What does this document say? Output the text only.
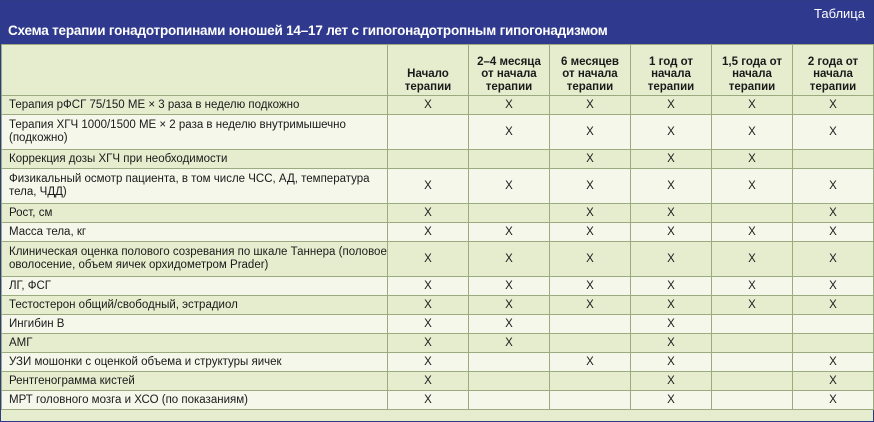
Таблица
Схема терапии гонадотропинами юношей 14–17 лет с гипогонадотропным гипогонадизмом
	Начало терапии	2–4 месяца от начала терапии	6 месяцев от начала терапии	1 год от начала терапии	1,5 года от начала терапии	2 года от начала терапии
Терапия рФСГ 75/150 МЕ × 3 раза в неделю подкожно	X	X	X	X	X	X
Терапия ХГЧ 1000/1500 МЕ × 2 раза в неделю внутримышечно (подкожно)		X	X	X	X	X
Коррекция дозы ХГЧ при необходимости			X	X	X	
Физикальный осмотр пациента, в том числе ЧСС, АД, температура тела, ЧДД)	X	X	X	X	X	X
Рост, см	X		X	X		X
Масса тела, кг	X	X	X	X	X	X
Клиническая оценка полового созревания по шкале Таннера (половое оволосение, объем яичек орхидометром Prader)	X	X	X	X	X	X
ЛГ, ФСГ	X	X	X	X	X	X
Тестостерон общий/свободный, эстрадиол	X	X	X	X	X	X
Ингибин В	X	X		X		
АМГ	X	X		X		
УЗИ мошонки с оценкой объема и структуры яичек	X		X	X		X
Рентгенограмма кистей	X			X		X
МРТ головного мозга и ХСО (по показаниям)	X			X		X
